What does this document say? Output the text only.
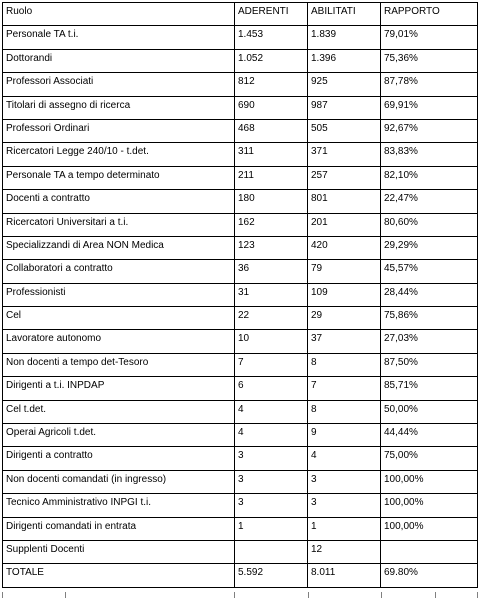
Ruolo	ADERENTI	ABILITATI	RAPPORTO
Personale TA t.i.	1.453	1.839	79,01%
Dottorandi	1.052	1.396	75,36%
Professori Associati	812	925	87,78%
Titolari di assegno di ricerca	690	987	69,91%
Professori Ordinari	468	505	92,67%
Ricercatori Legge 240/10 - t.det.	311	371	83,83%
Personale TA a tempo determinato	211	257	82,10%
Docenti a contratto	180	801	22,47%
Ricercatori Universitari a t.i.	162	201	80,60%
Specializzandi di Area NON Medica	123	420	29,29%
Collaboratori a contratto	36	79	45,57%
Professionisti	31	109	28,44%
Cel	22	29	75,86%
Lavoratore autonomo	10	37	27,03%
Non docenti a tempo det-Tesoro	7	8	87,50%
Dirigenti a t.i. INPDAP	6	7	85,71%
Cel t.det.	4	8	50,00%
Operai Agricoli t.det.	4	9	44,44%
Dirigenti a contratto	3	4	75,00%
Non docenti comandati (in ingresso)	3	3	100,00%
Tecnico Amministrativo INPGI t.i.	3	3	100,00%
Dirigenti comandati in entrata	1	1	100,00%
Supplenti Docenti		12	
TOTALE	5.592	8.011	69.80%
